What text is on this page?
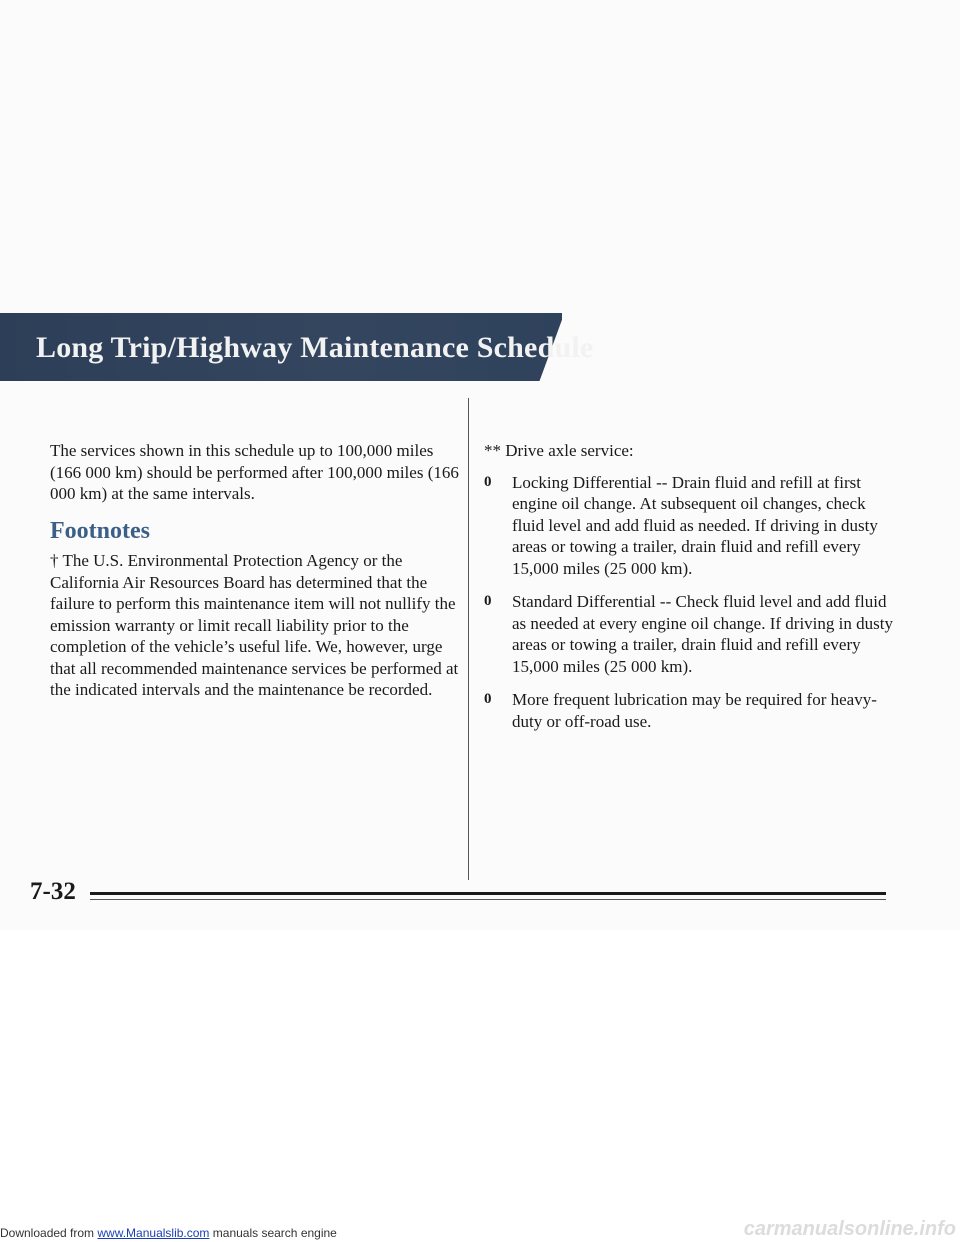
Long Trip/Highway Maintenance Schedule

The services shown in this schedule up to 100,000 miles (166 000 km) should be performed after 100,000 miles (166 000 km) at the same intervals.

Footnotes

† The U.S. Environmental Protection Agency or the California Air Resources Board has determined that the failure to perform this maintenance item will not nullify the emission warranty or limit recall liability prior to the completion of the vehicle’s useful life. We, however, urge that all recommended maintenance services be performed at the indicated intervals and the maintenance be recorded.

** Drive axle service:

0	Locking Differential -- Drain fluid and refill at first engine oil change. At subsequent oil changes, check fluid level and add fluid as needed. If driving in dusty areas or towing a trailer, drain fluid and refill every 15,000 miles (25 000 km).
0	Standard Differential -- Check fluid level and add fluid as needed at every engine oil change. If driving in dusty areas or towing a trailer, drain fluid and refill every 15,000 miles (25 000 km).
0	More frequent lubrication may be required for heavy-duty or off-road use.
7-32
Downloaded from www.Manualslib.com manuals search engine	carmanualsonline.info
